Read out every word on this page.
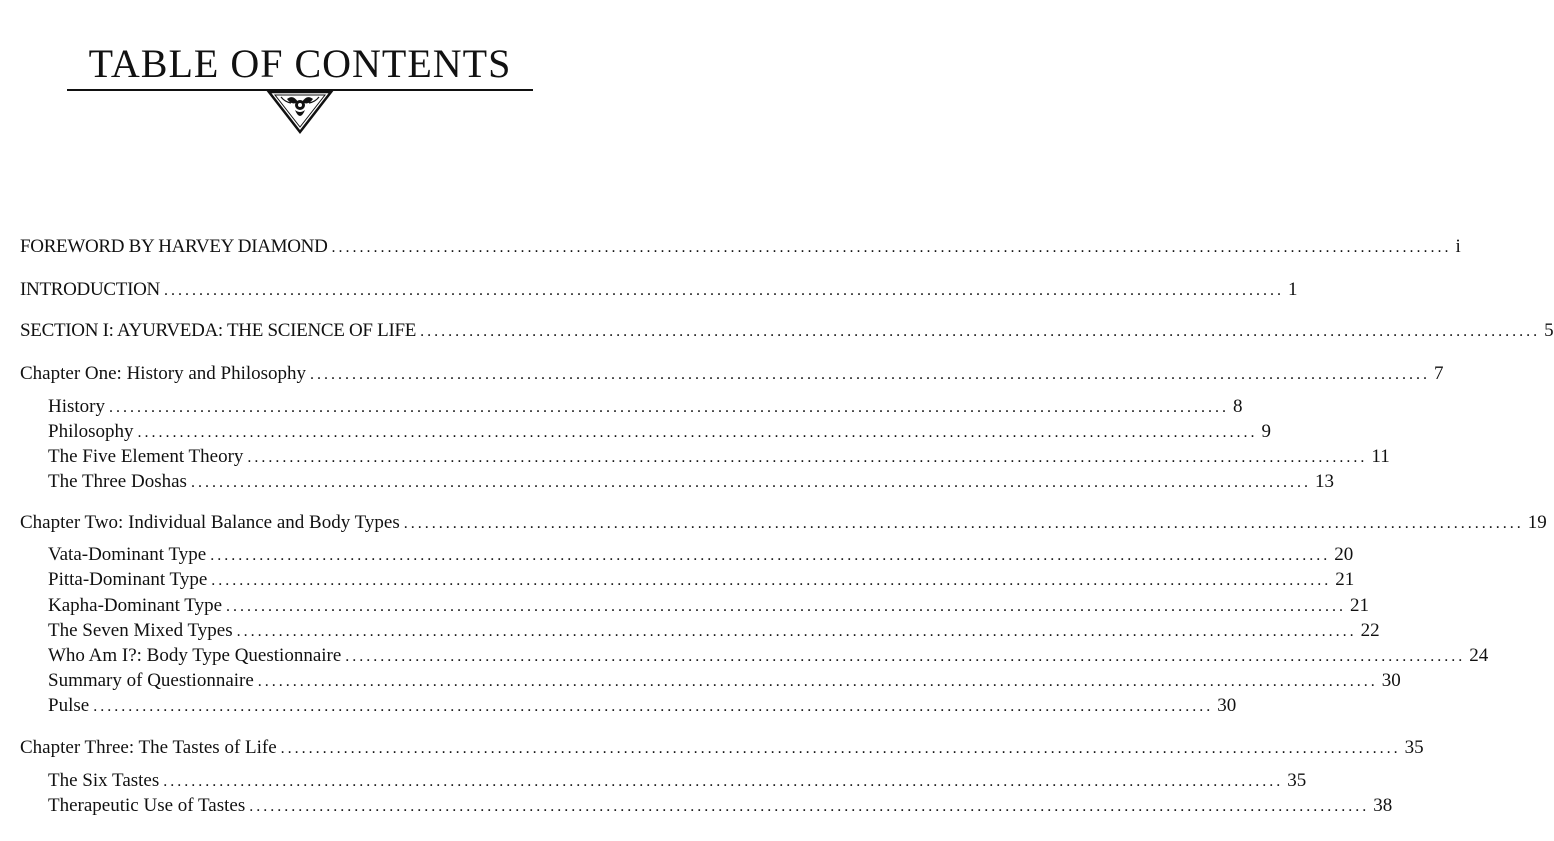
TABLE OF CONTENTS
FOREWORD BY HARVEY DIAMOND ................................................................................................................................................................ i
INTRODUCTION ................................................................................................................................................................ 1
SECTION I: AYURVEDA: THE SCIENCE OF LIFE ................................................................................................................................................................ 5
Chapter One: History and Philosophy ................................................................................................................................................................ 7
History ................................................................................................................................................................ 8
Philosophy ................................................................................................................................................................ 9
The Five Element Theory ................................................................................................................................................................ 11
The Three Doshas ................................................................................................................................................................ 13
Chapter Two: Individual Balance and Body Types ................................................................................................................................................................ 19
Vata-Dominant Type ................................................................................................................................................................ 20
Pitta-Dominant Type ................................................................................................................................................................ 21
Kapha-Dominant Type ................................................................................................................................................................ 21
The Seven Mixed Types ................................................................................................................................................................ 22
Who Am I?: Body Type Questionnaire ................................................................................................................................................................ 24
Summary of Questionnaire ................................................................................................................................................................ 30
Pulse ................................................................................................................................................................ 30
Chapter Three: The Tastes of Life ................................................................................................................................................................ 35
The Six Tastes ................................................................................................................................................................ 35
Therapeutic Use of Tastes ................................................................................................................................................................ 38
